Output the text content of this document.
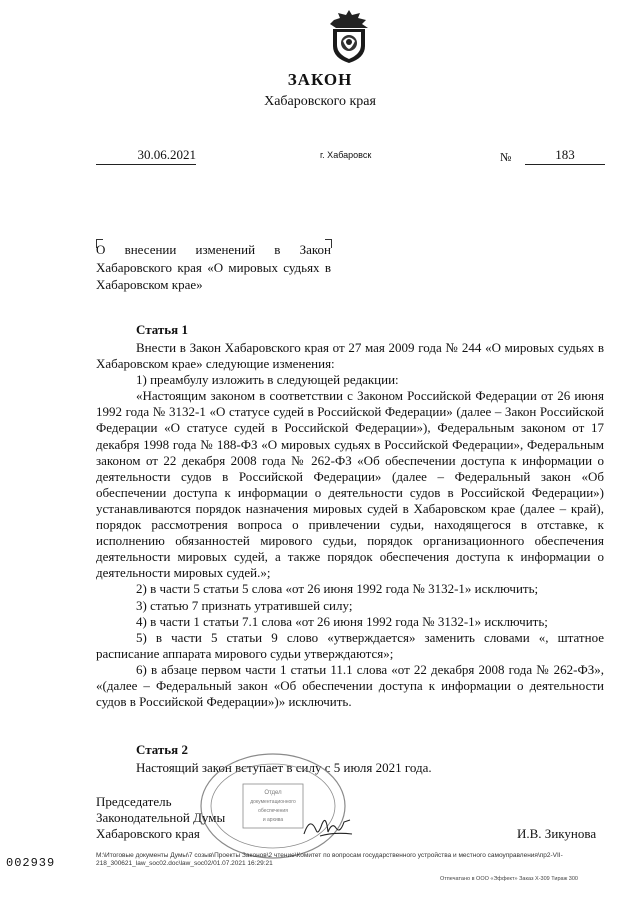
ЗАКОН
Хабаровского края
30.06.2021	г. Хабаровск	№	183
О внесении изменений в Закон Хабаровского края «О мировых судьях в Хабаровском крае»
Статья 1

Внести в Закон Хабаровского края от 27 мая 2009 года № 244 «О мировых судьях в Хабаровском крае» следующие изменения:

1) преамбулу изложить в следующей редакции:

«Настоящим законом в соответствии с Законом Российской Федерации от 26 июня 1992 года № 3132-1 «О статусе судей в Российской Федерации» (далее – Закон Российской Федерации «О статусе судей в Российской Федерации»), Федеральным законом от 17 декабря 1998 года № 188-ФЗ «О мировых судьях в Российской Федерации», Федеральным законом от 22 декабря 2008 года № 262-ФЗ «Об обеспечении доступа к информации о деятельности судов в Российской Федерации» (далее – Федеральный закон «Об обеспечении доступа к информации о деятельности судов в Российской Федерации») устанавливаются порядок назначения мировых судей в Хабаровском крае (далее – край), порядок рассмотрения вопроса о привлечении судьи, находящегося в отставке, к исполнению обязанностей мирового судьи, порядок организационного обеспечения деятельности мировых судей, а также порядок обеспечения доступа к информации о деятельности мировых судей.»;

2) в части 5 статьи 5 слова «от 26 июня 1992 года № 3132-1» исключить;

3) статью 7 признать утратившей силу;

4) в части 1 статьи 7.1 слова «от 26 июня 1992 года № 3132-1» исключить;

5) в части 5 статьи 9 слово «утверждается» заменить словами «, штатное расписание аппарата мирового судьи утверждаются»;

6) в абзаце первом части 1 статьи 11.1 слова «от 22 декабря 2008 года № 262-ФЗ», «(далее – Федеральный закон «Об обеспечении доступа к информации о деятельности судов в Российской Федерации»)» исключить.

Статья 2

Настоящий закон вступает в силу с 5 июля 2021 года.

Отдел
документационного
обеспечения
и архива
Председатель
Законодательной Думы
Хабаровского края	И.В. Зикунова
002939
M:\Итоговые документы Думы\7 созыв\Проекты Законов\2 чтение\Комитет по вопросам государственного устройства и местного самоуправления\пр2-VII-218_300621_law_soc02.doc\law_soc02/01.07.2021 16:29:21
Отпечатано в ООО «Эффект» Заказ Х-309 Тираж 300
